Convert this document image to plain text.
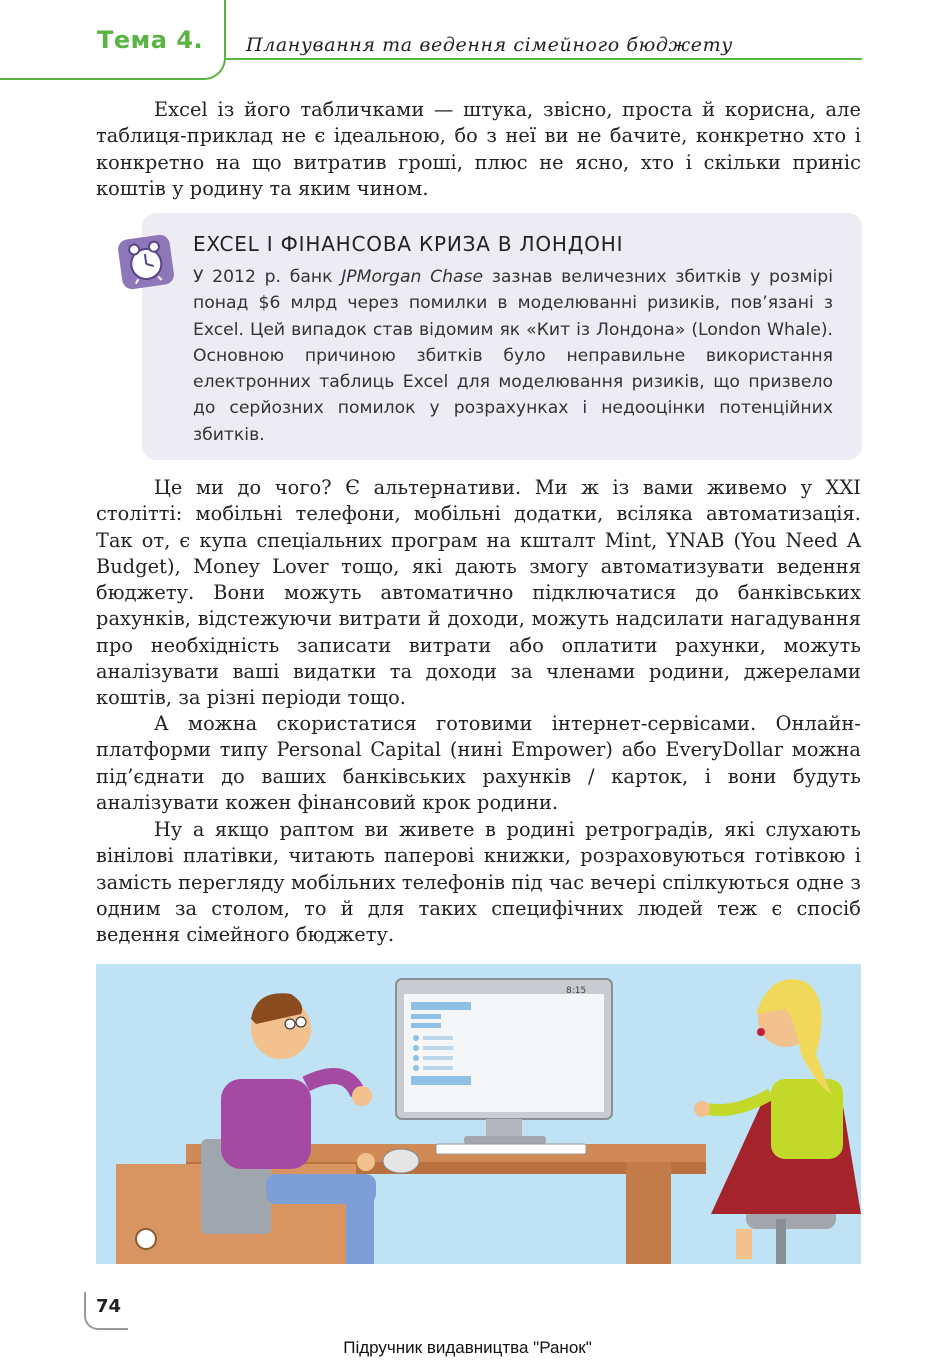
Тема 4. Планування та ведення сімейного бюджету

Excel із його табличками — штука, звісно, проста й корисна, але таблиця-приклад не є ідеальною, бо з неї ви не бачите, конкретно хто і конкретно на що витратив гроші, плюс не ясно, хто і скільки приніс коштів у родину та яким чином.

EXCEL І ФІНАНСОВА КРИЗА В ЛОНДОНІ

У 2012 р. банк JPMorgan Chase зазнав величезних збитків у розмірі понад $6 млрд через помилки в моделюванні ризиків, пов’язані з Excel. Цей випадок став відомим як «Кит із Лондона» (London Whale). Основною причиною збитків було неправильне використання електронних таблиць Excel для моделювання ризиків, що призвело до серйозних помилок у розрахунках і недооцінки потенційних збитків.

Це ми до чого? Є альтернативи. Ми ж із вами живемо у XXI столітті: мобільні телефони, мобільні додатки, всіляка автоматизація. Так от, є купа спеціальних програм на кшталт Mint, YNAB (You Need A Budget), Money Lover тощо, які дають змогу автоматизувати ведення бюджету. Вони можуть автоматично підключатися до банківських рахунків, відстежуючи витрати й доходи, можуть надсилати нагадування про необхідність записати витрати або оплатити рахунки, можуть аналізувати ваші видатки та доходи за членами родини, джерелами коштів, за різні періоди тощо.

А можна скористатися готовими інтернет-сервісами. Онлайн-платформи типу Personal Capital (нині Empower) або EveryDollar можна під’єднати до ваших банківських рахунків / карток, і вони будуть аналізувати кожен фінансовий крок родини.

Ну а якщо раптом ви живете в родині ретроградів, які слухають вінілові платівки, читають паперові книжки, розраховуються готівкою і замість перегляду мобільних телефонів під час вечері спілкуються одне з одним за столом, то й для таких специфічних людей теж є спосіб ведення сімейного бюджету.

8:15
74
Підручник видавництва "Ранок"
